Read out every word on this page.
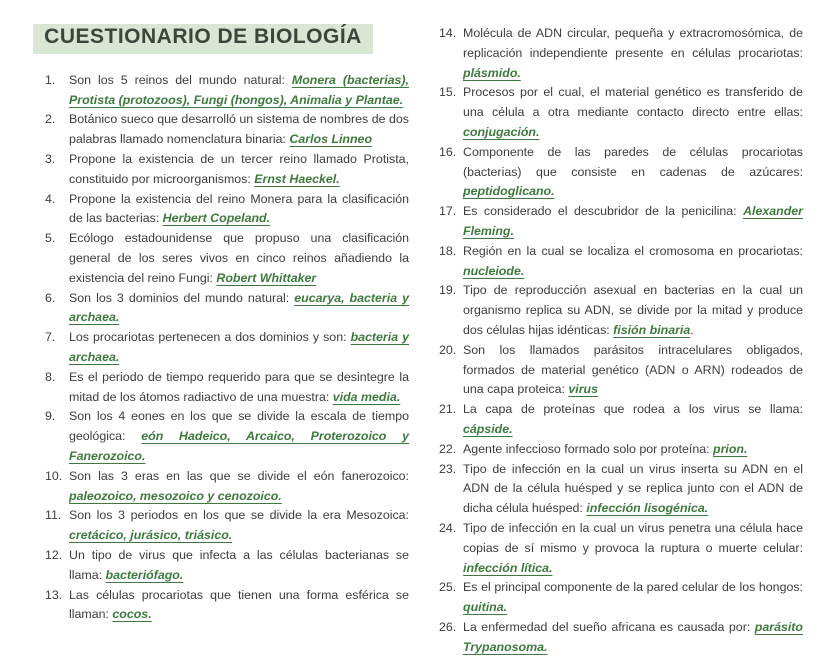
CUESTIONARIO DE BIOLOGÍA
1.	Son los 5 reinos del mundo natural: Monera (bacterias), Protista (protozoos), Fungi (hongos), Animalia y Plantae.
2.	Botánico sueco que desarrolló un sistema de nombres de dos palabras llamado nomenclatura binaria: Carlos Linneo
3.	Propone la existencia de un tercer reino llamado Protista, constituido por microorganismos: Ernst Haeckel.
4.	Propone la existencia del reino Monera para la clasificación de las bacterias: Herbert Copeland.
5.	Ecólogo estadounidense que propuso una clasificación general de los seres vivos en cinco reinos añadiendo la existencia del reino Fungi: Robert Whittaker
6.	Son los 3 dominios del mundo natural: eucarya, bacteria y archaea.
7.	Los procariotas pertenecen a dos dominios y son: bacteria y archaea.
8.	Es el periodo de tiempo requerido para que se desintegre la mitad de los átomos radiactivo de una muestra: vida media.
9.	Son los 4 eones en los que se divide la escala de tiempo geológica: eón Hadeico, Arcaico, Proterozoico y Fanerozoico.
10. Son las 3 eras en las que se divide el eón fanerozoico: paleozoico, mesozoico y cenozoico.
11. Son los 3 periodos en los que se divide la era Mesozoica: cretácico, jurásico, triásico.
12. Un tipo de virus que infecta a las células bacterianas se llama: bacteriófago.
13. Las células procariotas que tienen una forma esférica se llaman: cocos.
14. Molécula de ADN circular, pequeña y extracromosómica, de replicación independiente presente en células procariotas: plásmido.
15. Procesos por el cual, el material genético es transferido de una célula a otra mediante contacto directo entre ellas: conjugación.
16. Componente de las paredes de células procariotas (bacterias) que consiste en cadenas de azúcares: peptidoglicano.
17. Es considerado el descubridor de la penicilina: Alexander Fleming.
18. Región en la cual se localiza el cromosoma en procariotas: nucleiode.
19. Tipo de reproducción asexual en bacterias en la cual un organismo replica su ADN, se divide por la mitad y produce dos células hijas idénticas: fisión binaria.
20. Son los llamados parásitos intracelulares obligados, formados de material genético (ADN o ARN) rodeados de una capa proteica: virus
21. La capa de proteínas que rodea a los virus se llama: cápside.
22. Agente infeccioso formado solo por proteína: prion.
23. Tipo de infección en la cual un virus inserta su ADN en el ADN de la célula huésped y se replica junto con el ADN de dicha célula huésped: infección lisogénica.
24. Tipo de infección en la cual un virus penetra una célula hace copias de sí mismo y provoca la ruptura o muerte celular: infección lítica.
25. Es el principal componente de la pared celular de los hongos: quitina.
26. La enfermedad del sueño africana es causada por: parásito Trypanosoma.
